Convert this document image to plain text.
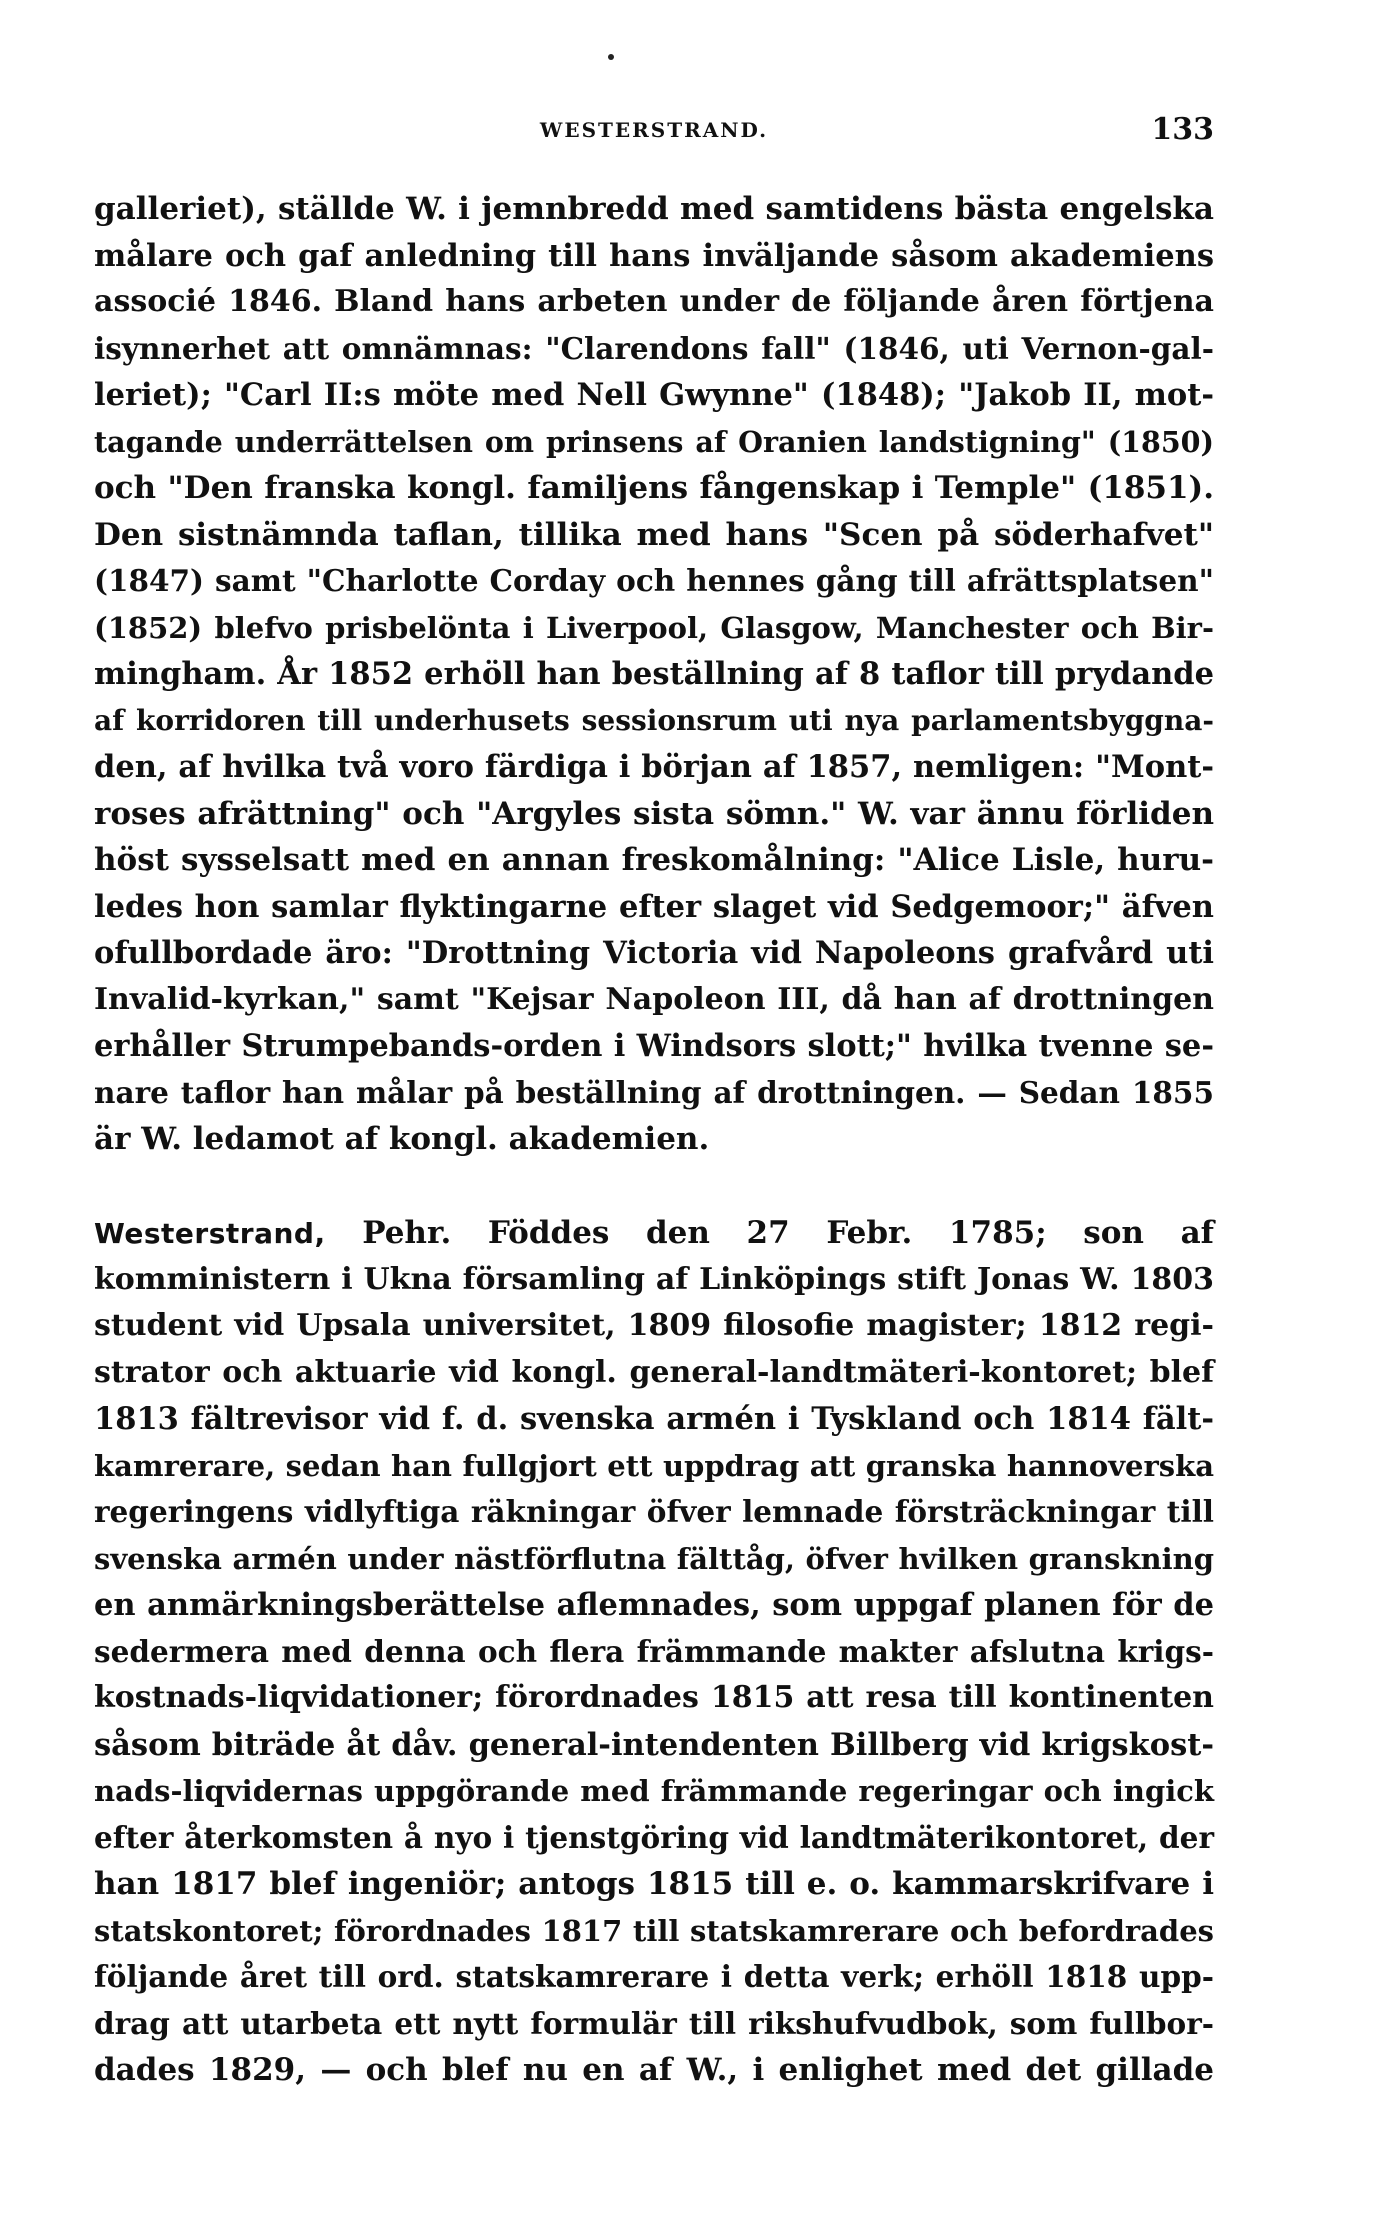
WESTERSTRAND.	133
galleriet), ställde W. i jemnbredd med samtidens bästa engelska
målare och gaf anledning till hans inväljande såsom akademiens
associé 1846. Bland hans arbeten under de följande åren förtjena
isynnerhet att omnämnas: "Clarendons fall" (1846, uti Vernon-gal-
leriet); "Carl II:s möte med Nell Gwynne" (1848); "Jakob II, mot-
tagande underrättelsen om prinsens af Oranien landstigning" (1850)
och "Den franska kongl. familjens fångenskap i Temple" (1851).
Den sistnämnda taflan, tillika med hans "Scen på söderhafvet"
(1847) samt "Charlotte Corday och hennes gång till afrättsplatsen"
(1852) blefvo prisbelönta i Liverpool, Glasgow, Manchester och Bir-
mingham. År 1852 erhöll han beställning af 8 taflor till prydande
af korridoren till underhusets sessionsrum uti nya parlamentsbyggna-
den, af hvilka två voro färdiga i början af 1857, nemligen: "Mont-
roses afrättning" och "Argyles sista sömn." W. var ännu förliden
höst sysselsatt med en annan freskomålning: "Alice Lisle, huru-
ledes hon samlar flyktingarne efter slaget vid Sedgemoor;" äfven
ofullbordade äro: "Drottning Victoria vid Napoleons grafvård uti
Invalid-kyrkan," samt "Kejsar Napoleon III, då han af drottningen
erhåller Strumpebands-orden i Windsors slott;" hvilka tvenne se-
nare taflor han målar på beställning af drottningen. — Sedan 1855
är W. ledamot af kongl. akademien.
Westerstrand, Pehr. Föddes den 27 Febr. 1785; son af
komministern i Ukna församling af Linköpings stift Jonas W. 1803
student vid Upsala universitet, 1809 filosofie magister; 1812 regi-
strator och aktuarie vid kongl. general-landtmäteri-kontoret; blef
1813 fältrevisor vid f. d. svenska armén i Tyskland och 1814 fält-
kamrerare, sedan han fullgjort ett uppdrag att granska hannoverska
regeringens vidlyftiga räkningar öfver lemnade försträckningar till
svenska armén under nästförflutna fälttåg, öfver hvilken granskning
en anmärkningsberättelse aflemnades, som uppgaf planen för de
sedermera med denna och flera främmande makter afslutna krigs-
kostnads-liqvidationer; förordnades 1815 att resa till kontinenten
såsom biträde åt dåv. general-intendenten Billberg vid krigskost-
nads-liqvidernas uppgörande med främmande regeringar och ingick
efter återkomsten å nyo i tjenstgöring vid landtmäterikontoret, der
han 1817 blef ingeniör; antogs 1815 till e. o. kammarskrifvare i
statskontoret; förordnades 1817 till statskamrerare och befordrades
följande året till ord. statskamrerare i detta verk; erhöll 1818 upp-
drag att utarbeta ett nytt formulär till rikshufvudbok, som fullbor-
dades 1829, — och blef nu en af W., i enlighet med det gillade
